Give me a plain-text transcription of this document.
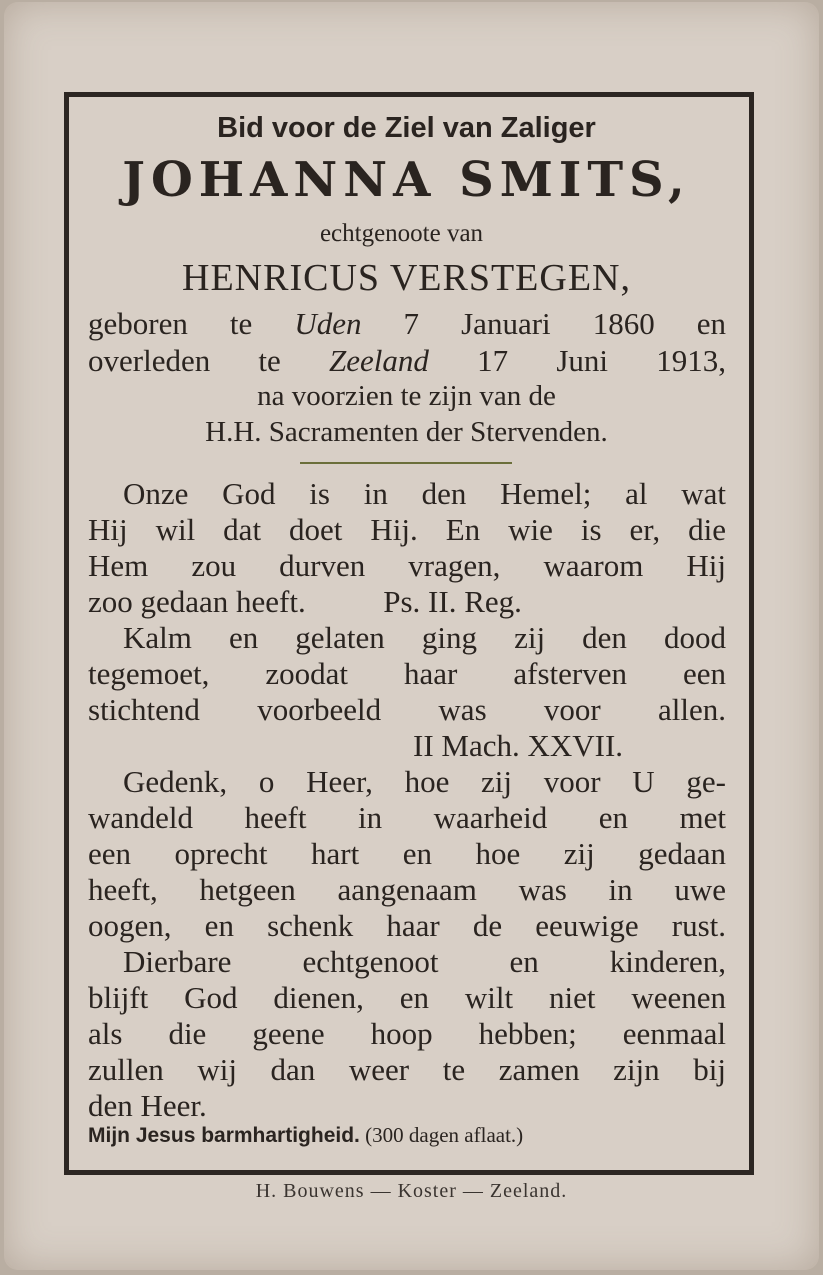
Bid voor de Ziel van Zaliger
JOHANNA SMITS,
echtgenoote van
HENRICUS VERSTEGEN,
geboren te Uden 7 Januari 1860 en
overleden te Zeeland 17 Juni 1913,
na voorzien te zijn van de
H.H. Sacramenten der Stervenden.
Onze God is in den Hemel; al wat
Hij wil dat doet Hij. En wie is er, die
Hem zou durven vragen, waarom Hij
zoo gedaan heeft.          Ps. II. Reg.
Kalm en gelaten ging zij den dood
tegemoet, zoodat haar afsterven een
stichtend voorbeeld was voor allen.
II Mach. XXVII.
Gedenk, o Heer, hoe zij voor U ge-
wandeld heeft in waarheid en met
een oprecht hart en hoe zij gedaan
heeft, hetgeen aangenaam was in uwe
oogen, en schenk haar de eeuwige rust.
Dierbare echtgenoot en kinderen,
blijft God dienen, en wilt niet weenen
als die geene hoop hebben; eenmaal
zullen wij dan weer te zamen zijn bij
den Heer.
Mijn Jesus barmhartigheid. (300 dagen aflaat.)
H. Bouwens — Koster — Zeeland.
